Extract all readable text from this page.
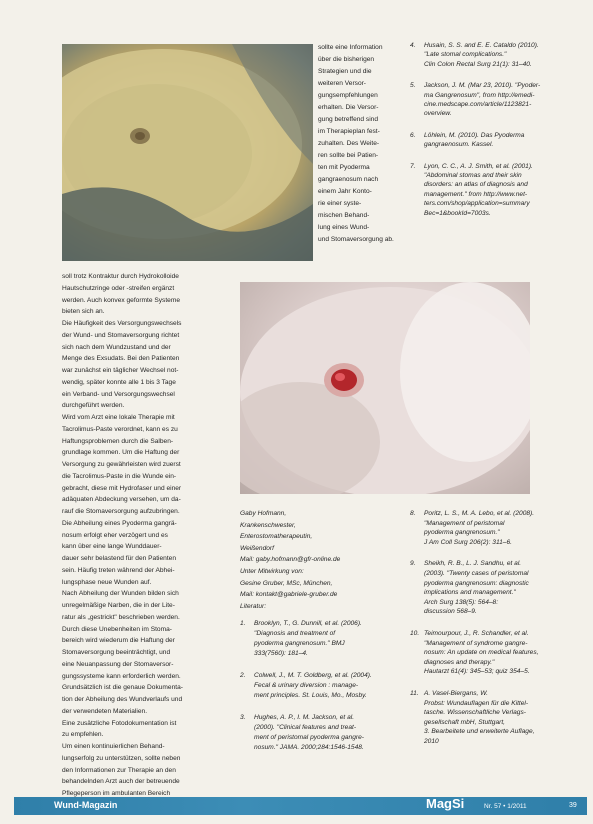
sollte eine Information
über die bisherigen
Strategien und die
weiteren Versor-
gungsempfehlungen
erhalten. Die Versor-
gung betreffend sind
im Therapieplan fest-
zuhalten. Des Weite-
ren sollte bei Patien-
ten mit Pyoderma
gangraenosum nach
einem Jahr Konto-
rie einer syste-
mischen Behand-
lung eines Wund-
und Stomaversorgung ab.
soll trotz Kontraktur durch Hydrokolloide
Hautschutzringe oder -streifen ergänzt
werden. Auch konvex geformte Systeme
bieten sich an.
Die Häufigkeit des Versorgungswechsels
der Wund- und Stomaversorgung richtet
sich nach dem Wundzustand und der
Menge des Exsudats. Bei den Patienten
war zunächst ein täglicher Wechsel not-
wendig, später konnte alle 1 bis 3 Tage
ein Verband- und Versorgungswechsel
durchgeführt werden.
Wird vom Arzt eine lokale Therapie mit
Tacrolimus-Paste verordnet, kann es zu
Haftungsproblemen durch die Salben-
grundlage kommen. Um die Haftung der
Versorgung zu gewährleisten wird zuerst
die Tacrolimus-Paste in die Wunde ein-
gebracht, diese mit Hydrofaser und einer
adäquaten Abdeckung versehen, um da-
rauf die Stomaversorgung aufzubringen.
Die Abheilung eines Pyoderma gangrä-
nosum erfolgt eher verzögert und es
kann über eine lange Wunddauer-
dauer sehr belastend für den Patienten
sein. Häufig treten während der Abhei-
lungsphase neue Wunden auf.
Nach Abheilung der Wunden bilden sich
unregelmäßige Narben, die in der Lite-
ratur als „gestrickt" beschrieben werden.
Durch diese Unebenheiten im Stoma-
bereich wird wiederum die Haftung der
Stomaversorgung beeinträchtigt, und
eine Neuanpassung der Stomaversor-
gungssysteme kann erforderlich werden.
Grundsätzlich ist die genaue Dokumenta-
tion der Abheilung des Wundverlaufs und
der verwendeten Materialien.
Eine zusätzliche Fotodokumentation ist
zu empfehlen.
Um einen kontinuierlichen Behand-
lungserfolg zu unterstützen, sollte neben
den Informationen zur Therapie an den
behandelnden Arzt auch der betreuende
Pflegeperson im ambulanten Bereich
4. Husain, S. S. and E. E. Cataldo (2010).
"Late stomal complications."
Clin Colon Rectal Surg 21(1): 31–40.
5. Jackson, J. M. (Mar 23, 2010). "Pyoder-
ma Gangrenosum", from http://emedi-
cine.medscape.com/article/1123821-
overview.
6. Löhlein, M. (2010). Das Pyoderma
gangraenosum. Kassel.
7. Lyon, C. C., A. J. Smith, et al. (2001).
"Abdominal stomas and their skin
disorders: an atlas of diagnosis and
management." from http://www.net-
ters.com/shop/application=summary
Bec=1&bookId=7003s.
Gaby Hofmann,
Krankenschwester,
Enterostomatherapeutin,
Weißendorf
Mail: gaby.hofmann@gfr-online.de
Unter Mitwirkung von:
Gesine Gruber, MSc, München,
Mail: kontakt@gabriele-gruber.de
Literatur:
1. Brooklyn, T., G. Dunnill, et al. (2006).
"Diagnosis and treatment of
pyoderma gangrenosum." BMJ
333(7560): 181–4.
2. Colwell, J., M. T. Goldberg, et al. (2004).
Fecal & urinary diversion : manage-
ment principles. St. Louis, Mo., Mosby.
3. Hughes, A. P., I. M. Jackson, et al.
(2000). "Clinical features and treat-
ment of peristomal pyoderma gangre-
nosum." JAMA. 2000;284:1546-1548.
8. Poritz, L. S., M. A. Lebo, et al. (2008).
"Management of peristomal
pyoderma gangrenosum."
J Am Coll Surg 206(2): 311–6.
9. Sheikh, R. B., L. J. Sandhu, et al.
(2003). "Twenty cases of peristomal
pyoderma gangrenosum: diagnostic
implications and management."
Arch Surg 138(5): 564–8:
discussion 568–9.
10. Teimourpour, J., R. Schandler, et al.
"Management of syndrome gangre-
nosum: An update on medical features,
diagnoses and therapy."
Hautarzt 61(4): 345–53; quiz 354–5.
11. A. Vasel-Biergans, W.
Probst: Wundauflagen für die Kittel-
tasche. Wissenschaftliche Verlags-
gesellschaft mbH, Stuttgart,
3. Bearbeitete und erweiterte Auflage,
2010
Wund-Magazin	MagSi	Nr. 57 • 1/2011	39
